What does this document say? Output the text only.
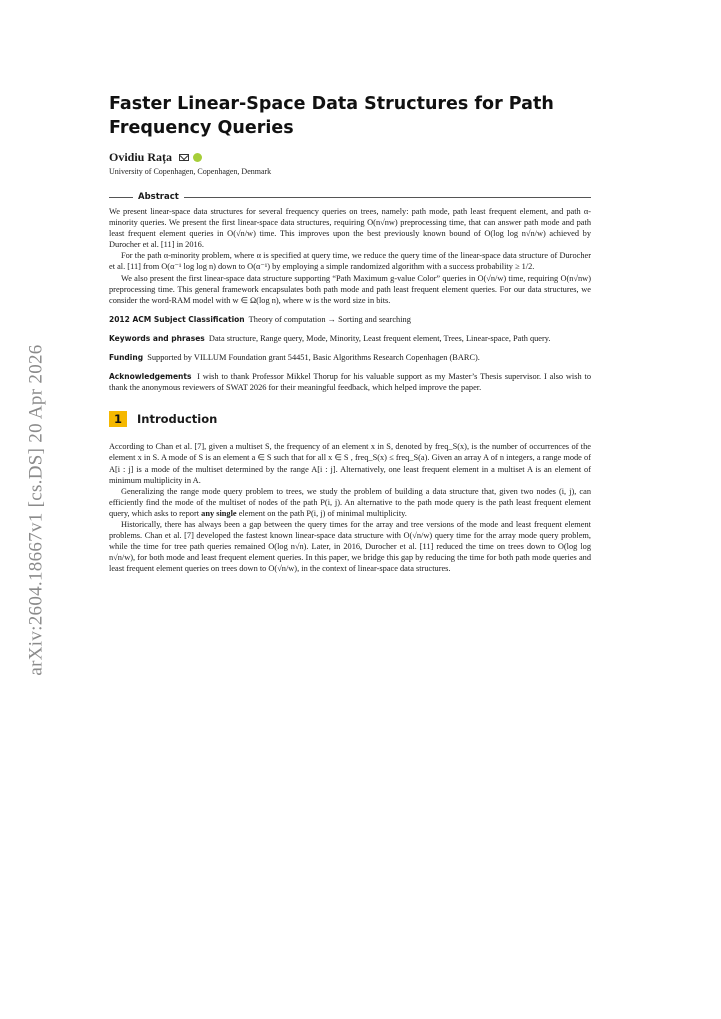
arXiv:2604.18667v1 [cs.DS] 20 Apr 2026
Faster Linear-Space Data Structures for Path Frequency Queries
Ovidiu Rața
University of Copenhagen, Copenhagen, Denmark
Abstract

We present linear-space data structures for several frequency queries on trees, namely: path mode, path least frequent element, and path α-minority queries. We present the first linear-space data structures, requiring O(n√nw) preprocessing time, that can answer path mode and path least frequent element queries in O(√n/w) time. This improves upon the best previously known bound of O(log log n√n/w) achieved by Durocher et al. [11] in 2016.

For the path α-minority problem, where α is specified at query time, we reduce the query time of the linear-space data structure of Durocher et al. [11] from O(α⁻¹ log log n) down to O(α⁻¹) by employing a simple randomized algorithm with a success probability ≥ 1/2.

We also present the first linear-space data structure supporting “Path Maximum g-value Color” queries in O(√n/w) time, requiring O(n√nw) preprocessing time. This general framework encapsulates both path mode and path least frequent element queries. For our data structures, we consider the word-RAM model with w ∈ Ω(log n), where w is the word size in bits.

2012 ACM Subject Classification Theory of computation → Sorting and searching

Keywords and phrases Data structure, Range query, Mode, Minority, Least frequent element, Trees, Linear-space, Path query.

Funding Supported by VILLUM Foundation grant 54451, Basic Algorithms Research Copenhagen (BARC).

Acknowledgements I wish to thank Professor Mikkel Thorup for his valuable support as my Master’s Thesis supervisor. I also wish to thank the anonymous reviewers of SWAT 2026 for their meaningful feedback, which helped improve the paper.

1	Introduction

According to Chan et al. [7], given a multiset S, the frequency of an element x in S, denoted by freq_S(x), is the number of occurrences of the element x in S. A mode of S is an element a ∈ S such that for all x ∈ S , freq_S(x) ≤ freq_S(a). Given an array A of n integers, a range mode of A[i : j] is a mode of the multiset determined by the range A[i : j]. Alternatively, one least frequent element in a multiset A is an element of minimum multiplicity in A.

Generalizing the range mode query problem to trees, we study the problem of building a data structure that, given two nodes (i, j), can efficiently find the mode of the multiset of nodes of the path P(i, j). An alternative to the path mode query is the path least frequent element query, which asks to report any single element on the path P(i, j) of minimal multiplicity.

Historically, there has always been a gap between the query times for the array and tree versions of the mode and least frequent element problems. Chan et al. [7] developed the fastest known linear-space data structure with O(√n/w) query time for the array mode query problem, while the time for tree path queries remained O(log n√n). Later, in 2016, Durocher et al. [11] reduced the time on trees down to O(log log n√n/w), for both mode and least frequent element queries. In this paper, we bridge this gap by reducing the time for both path mode queries and least frequent element queries on trees down to O(√n/w), in the context of linear-space data structures.
